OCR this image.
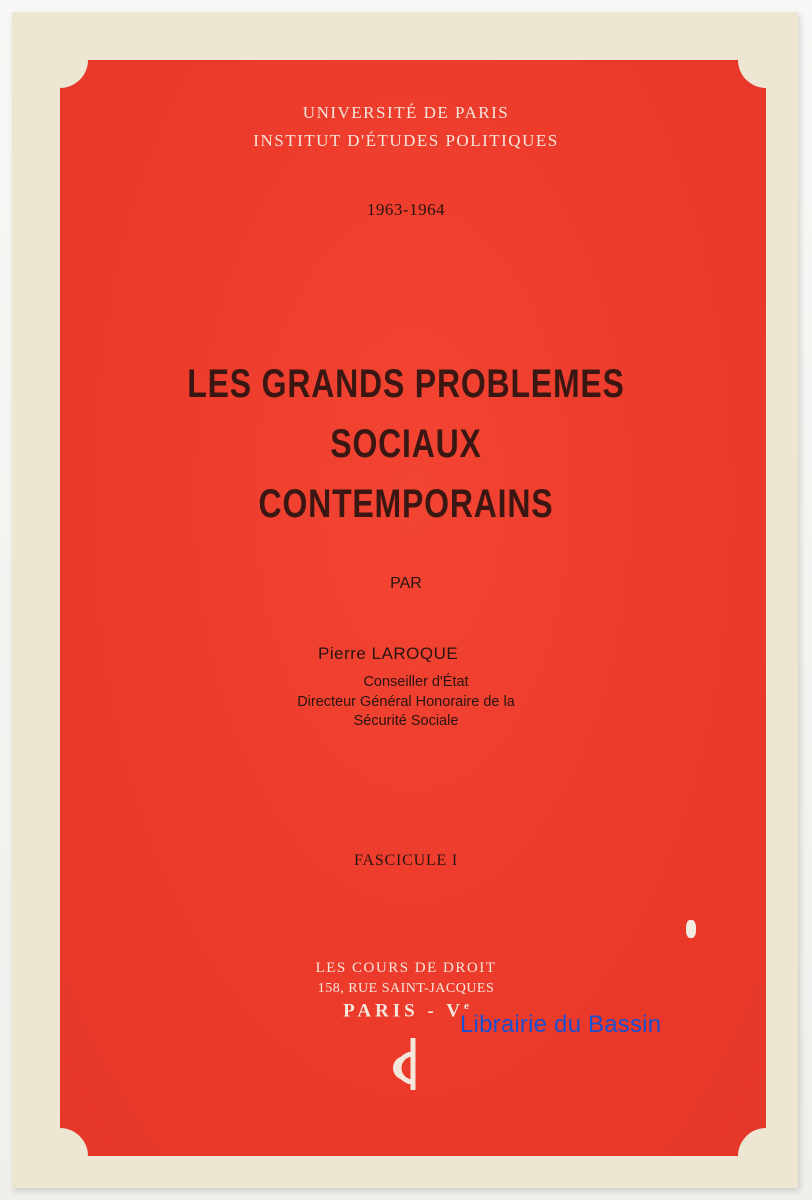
UNIVERSITÉ DE PARIS
INSTITUT D'ÉTUDES POLITIQUES
1963-1964
LES GRANDS PROBLEMES
SOCIAUX
CONTEMPORAINS
PAR
Pierre LAROQUE
Conseiller d'État
Directeur Général Honoraire de la
Sécurité Sociale
FASCICULE I
LES COURS DE DROIT
158, RUE SAINT-JACQUES
PARIS - Ve
Librairie du Bassin
